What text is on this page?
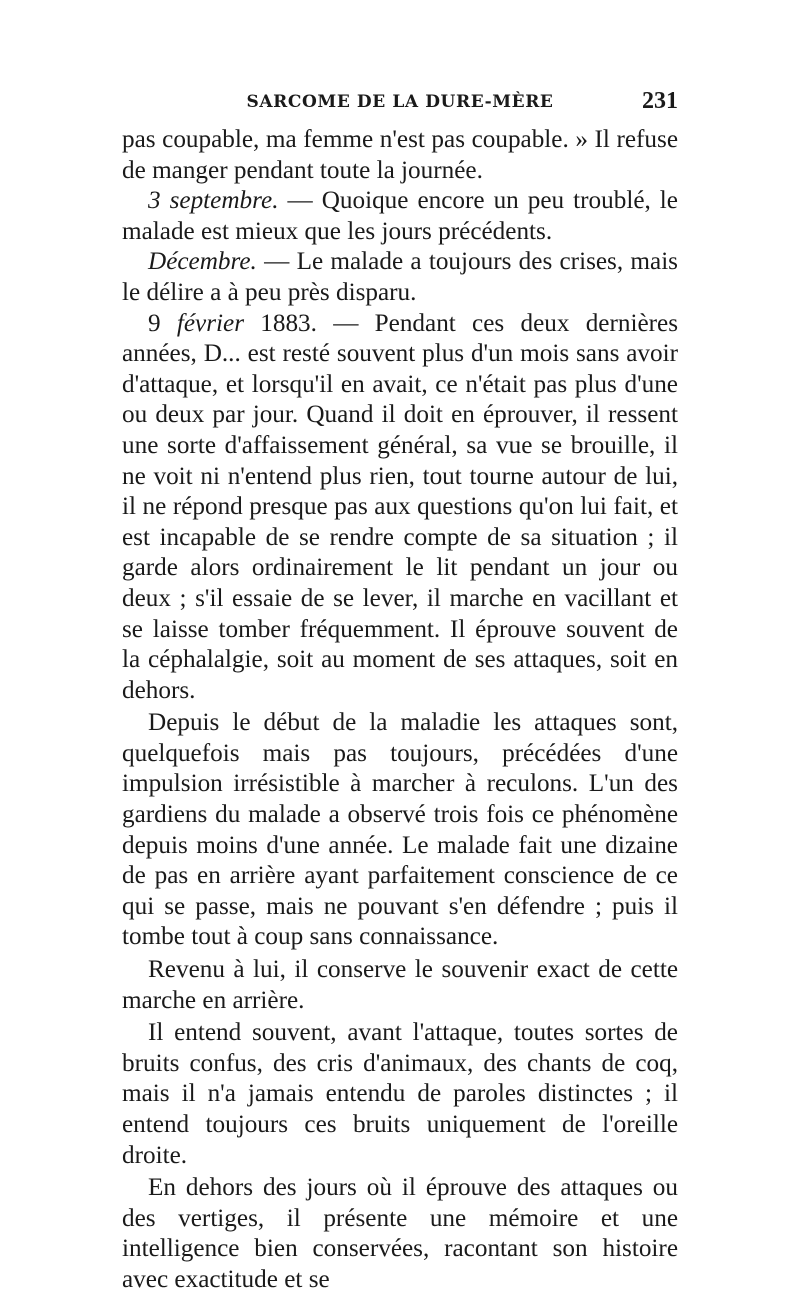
SARCOME DE LA DURE-MÈRE	231

pas coupable, ma femme n'est pas coupable. » Il refuse de manger pendant toute la journée.

3 septembre. — Quoique encore un peu troublé, le malade est mieux que les jours précédents.

Décembre. — Le malade a toujours des crises, mais le délire a à peu près disparu.

9 février 1883. — Pendant ces deux dernières années, D... est resté souvent plus d'un mois sans avoir d'attaque, et lorsqu'il en avait, ce n'était pas plus d'une ou deux par jour. Quand il doit en éprouver, il ressent une sorte d'affaissement général, sa vue se brouille, il ne voit ni n'entend plus rien, tout tourne autour de lui, il ne répond presque pas aux questions qu'on lui fait, et est incapable de se rendre compte de sa situation ; il garde alors ordinairement le lit pendant un jour ou deux ; s'il essaie de se lever, il marche en vacillant et se laisse tomber fréquemment. Il éprouve souvent de la céphalalgie, soit au moment de ses attaques, soit en dehors.

Depuis le début de la maladie les attaques sont, quelquefois mais pas toujours, précédées d'une impulsion irrésistible à marcher à reculons. L'un des gardiens du malade a observé trois fois ce phénomène depuis moins d'une année. Le malade fait une dizaine de pas en arrière ayant parfaitement conscience de ce qui se passe, mais ne pouvant s'en défendre ; puis il tombe tout à coup sans connaissance.

Revenu à lui, il conserve le souvenir exact de cette marche en arrière.

Il entend souvent, avant l'attaque, toutes sortes de bruits confus, des cris d'animaux, des chants de coq, mais il n'a jamais entendu de paroles distinctes ; il entend toujours ces bruits uniquement de l'oreille droite.

En dehors des jours où il éprouve des attaques ou des vertiges, il présente une mémoire et une intelligence bien conservées, racontant son histoire avec exactitude et se
